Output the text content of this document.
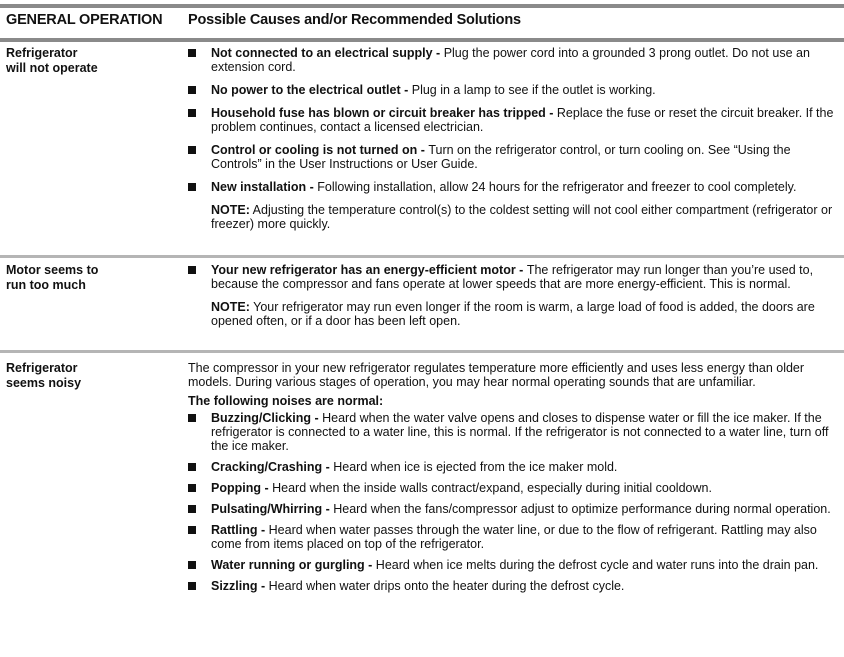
GENERAL OPERATION Possible Causes and/or Recommended Solutions
Refrigerator
will not operate
Not connected to an electrical supply - Plug the power cord into a grounded 3 prong outlet. Do not use an extension cord.
No power to the electrical outlet - Plug in a lamp to see if the outlet is working.
Household fuse has blown or circuit breaker has tripped - Replace the fuse or reset the circuit breaker. If the problem continues, contact a licensed electrician.
Control or cooling is not turned on - Turn on the refrigerator control, or turn cooling on. See “Using the Controls” in the User Instructions or User Guide.
New installation - Following installation, allow 24 hours for the refrigerator and freezer to cool completely.
NOTE: Adjusting the temperature control(s) to the coldest setting will not cool either compartment (refrigerator or freezer) more quickly.
Motor seems to
run too much
Your new refrigerator has an energy-efficient motor - The refrigerator may run longer than you’re used to, because the compressor and fans operate at lower speeds that are more energy-efficient. This is normal.
NOTE: Your refrigerator may run even longer if the room is warm, a large load of food is added, the doors are opened often, or if a door has been left open.
Refrigerator
seems noisy
The compressor in your new refrigerator regulates temperature more efficiently and uses less energy than older models. During various stages of operation, you may hear normal operating sounds that are unfamiliar.
The following noises are normal:
Buzzing/Clicking - Heard when the water valve opens and closes to dispense water or fill the ice maker. If the refrigerator is connected to a water line, this is normal. If the refrigerator is not connected to a water line, turn off the ice maker.
Cracking/Crashing - Heard when ice is ejected from the ice maker mold.
Popping - Heard when the inside walls contract/expand, especially during initial cooldown.
Pulsating/Whirring - Heard when the fans/compressor adjust to optimize performance during normal operation.
Rattling - Heard when water passes through the water line, or due to the flow of refrigerant. Rattling may also come from items placed on top of the refrigerator.
Water running or gurgling - Heard when ice melts during the defrost cycle and water runs into the drain pan.
Sizzling - Heard when water drips onto the heater during the defrost cycle.
